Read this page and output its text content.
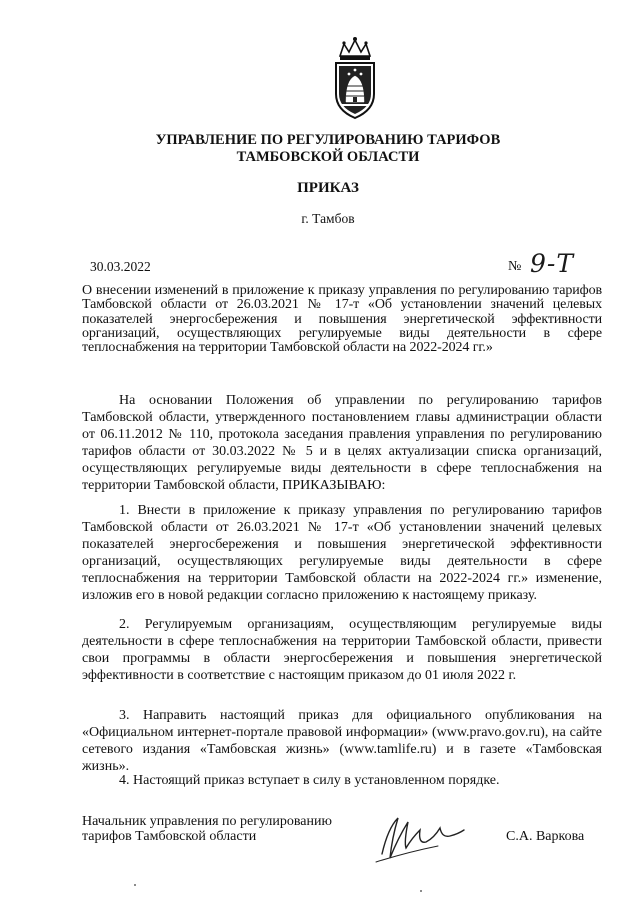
УПРАВЛЕНИЕ ПО РЕГУЛИРОВАНИЮ ТАРИФОВ
ТАМБОВСКОЙ ОБЛАСТИ
ПРИКАЗ
г. Тамбов
30.03.2022	№ 9-Т
О внесении изменений в приложение к приказу управления по регулированию тарифов Тамбовской области от 26.03.2021 № 17-т «Об установлении значений целевых показателей энергосбережения и повышения энергетической эффективности организаций, осуществляющих регулируемые виды деятельности в сфере теплоснабжения на территории Тамбовской области на 2022-2024 гг.»

На основании Положения об управлении по регулированию тарифов Тамбовской области, утвержденного постановлением главы администрации области от 06.11.2012 № 110, протокола заседания правления управления по регулированию тарифов области от 30.03.2022 № 5 и в целях актуализации списка организаций, осуществляющих регулируемые виды деятельности в сфере теплоснабжения на территории Тамбовской области, ПРИКАЗЫВАЮ:

1. Внести в приложение к приказу управления по регулированию тарифов Тамбовской области от 26.03.2021 № 17-т «Об установлении значений целевых показателей энергосбережения и повышения энергетической эффективности организаций, осуществляющих регулируемые виды деятельности в сфере теплоснабжения на территории Тамбовской области на 2022-2024 гг.» изменение, изложив его в новой редакции согласно приложению к настоящему приказу.

2. Регулируемым организациям, осуществляющим регулируемые виды деятельности в сфере теплоснабжения на территории Тамбовской области, привести свои программы в области энергосбережения и повышения энергетической эффективности в соответствие с настоящим приказом до 01 июля 2022 г.

3. Направить настоящий приказ для официального опубликования на «Официальном интернет-портале правовой информации» (www.pravo.gov.ru), на сайте сетевого издания «Тамбовская жизнь» (www.tamlife.ru) и в газете «Тамбовская жизнь».

4. Настоящий приказ вступает в силу в установленном порядке.

Начальник управления по регулированию
тарифов Тамбовской области	С.А. Варкова
